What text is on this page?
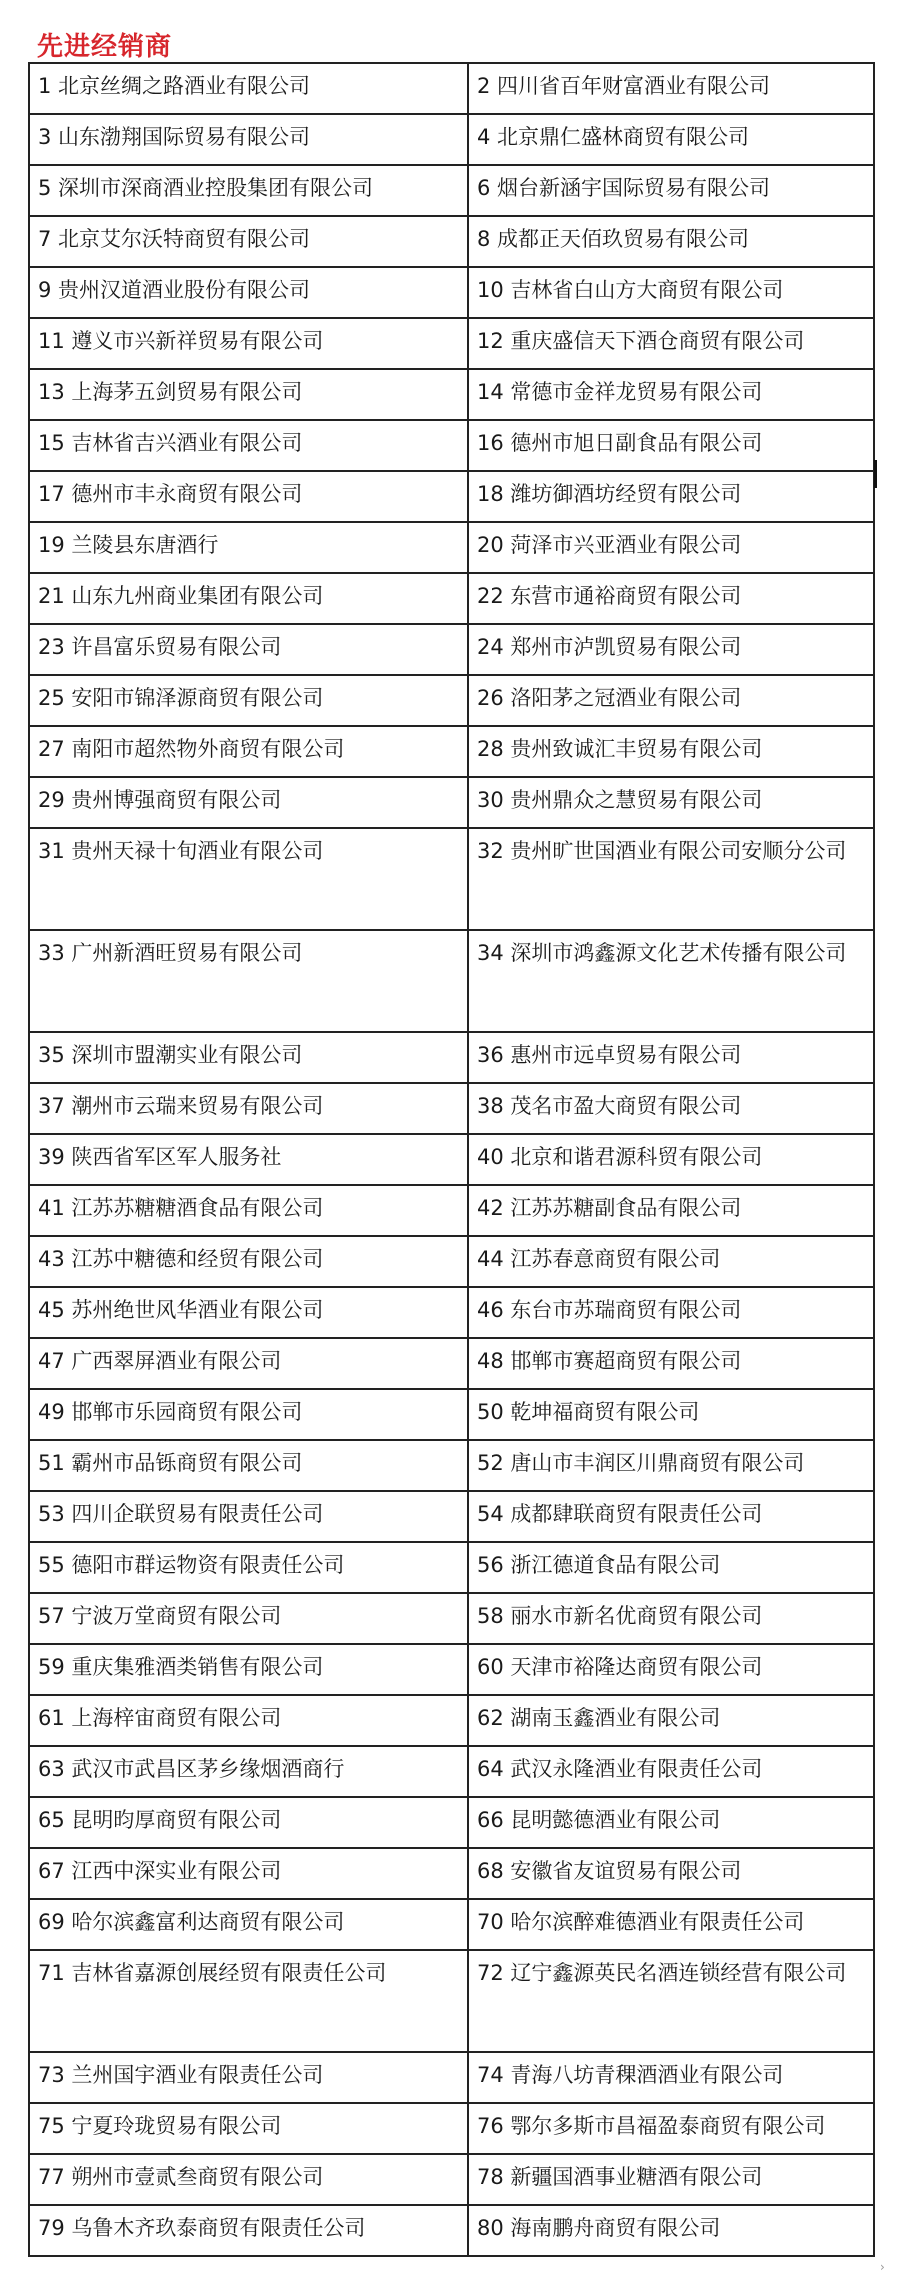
先进经销商
1 北京丝绸之路酒业有限公司	2 四川省百年财富酒业有限公司
3 山东渤翔国际贸易有限公司	4 北京鼎仁盛林商贸有限公司
5 深圳市深商酒业控股集团有限公司	6 烟台新涵宇国际贸易有限公司
7 北京艾尔沃特商贸有限公司	8 成都正天佰玖贸易有限公司
9 贵州汉道酒业股份有限公司	10 吉林省白山方大商贸有限公司
11 遵义市兴新祥贸易有限公司	12 重庆盛信天下酒仓商贸有限公司
13 上海茅五剑贸易有限公司	14 常德市金祥龙贸易有限公司
15 吉林省吉兴酒业有限公司	16 德州市旭日副食品有限公司
17 德州市丰永商贸有限公司	18 潍坊御酒坊经贸有限公司
19 兰陵县东唐酒行	20 菏泽市兴亚酒业有限公司
21 山东九州商业集团有限公司	22 东营市通裕商贸有限公司
23 许昌富乐贸易有限公司	24 郑州市泸凯贸易有限公司
25 安阳市锦泽源商贸有限公司	26 洛阳茅之冠酒业有限公司
27 南阳市超然物外商贸有限公司	28 贵州致诚汇丰贸易有限公司
29 贵州博强商贸有限公司	30 贵州鼎众之慧贸易有限公司
31 贵州天禄十旬酒业有限公司	32 贵州旷世国酒业有限公司安顺分公司
33 广州新酒旺贸易有限公司	34 深圳市鸿鑫源文化艺术传播有限公司
35 深圳市盟潮实业有限公司	36 惠州市远卓贸易有限公司
37 潮州市云瑞来贸易有限公司	38 茂名市盈大商贸有限公司
39 陕西省军区军人服务社	40 北京和谐君源科贸有限公司
41 江苏苏糖糖酒食品有限公司	42 江苏苏糖副食品有限公司
43 江苏中糖德和经贸有限公司	44 江苏春意商贸有限公司
45 苏州绝世风华酒业有限公司	46 东台市苏瑞商贸有限公司
47 广西翠屏酒业有限公司	48 邯郸市赛超商贸有限公司
49 邯郸市乐园商贸有限公司	50 乾坤福商贸有限公司
51 霸州市品铄商贸有限公司	52 唐山市丰润区川鼎商贸有限公司
53 四川企联贸易有限责任公司	54 成都肆联商贸有限责任公司
55 德阳市群运物资有限责任公司	56 浙江德道食品有限公司
57 宁波万堂商贸有限公司	58 丽水市新名优商贸有限公司
59 重庆集雅酒类销售有限公司	60 天津市裕隆达商贸有限公司
61 上海梓宙商贸有限公司	62 湖南玉鑫酒业有限公司
63 武汉市武昌区茅乡缘烟酒商行	64 武汉永隆酒业有限责任公司
65 昆明昀厚商贸有限公司	66 昆明懿德酒业有限公司
67 江西中深实业有限公司	68 安徽省友谊贸易有限公司
69 哈尔滨鑫富利达商贸有限公司	70 哈尔滨醉难德酒业有限责任公司
71 吉林省嘉源创展经贸有限责任公司	72 辽宁鑫源英民名酒连锁经营有限公司
73 兰州国宇酒业有限责任公司	74 青海八坊青稞酒酒业有限公司
75 宁夏玲珑贸易有限公司	76 鄂尔多斯市昌福盈泰商贸有限公司
77 朔州市壹贰叁商贸有限公司	78 新疆国酒事业糖酒有限公司
79 乌鲁木齐玖泰商贸有限责任公司	80 海南鹏舟商贸有限公司
›
